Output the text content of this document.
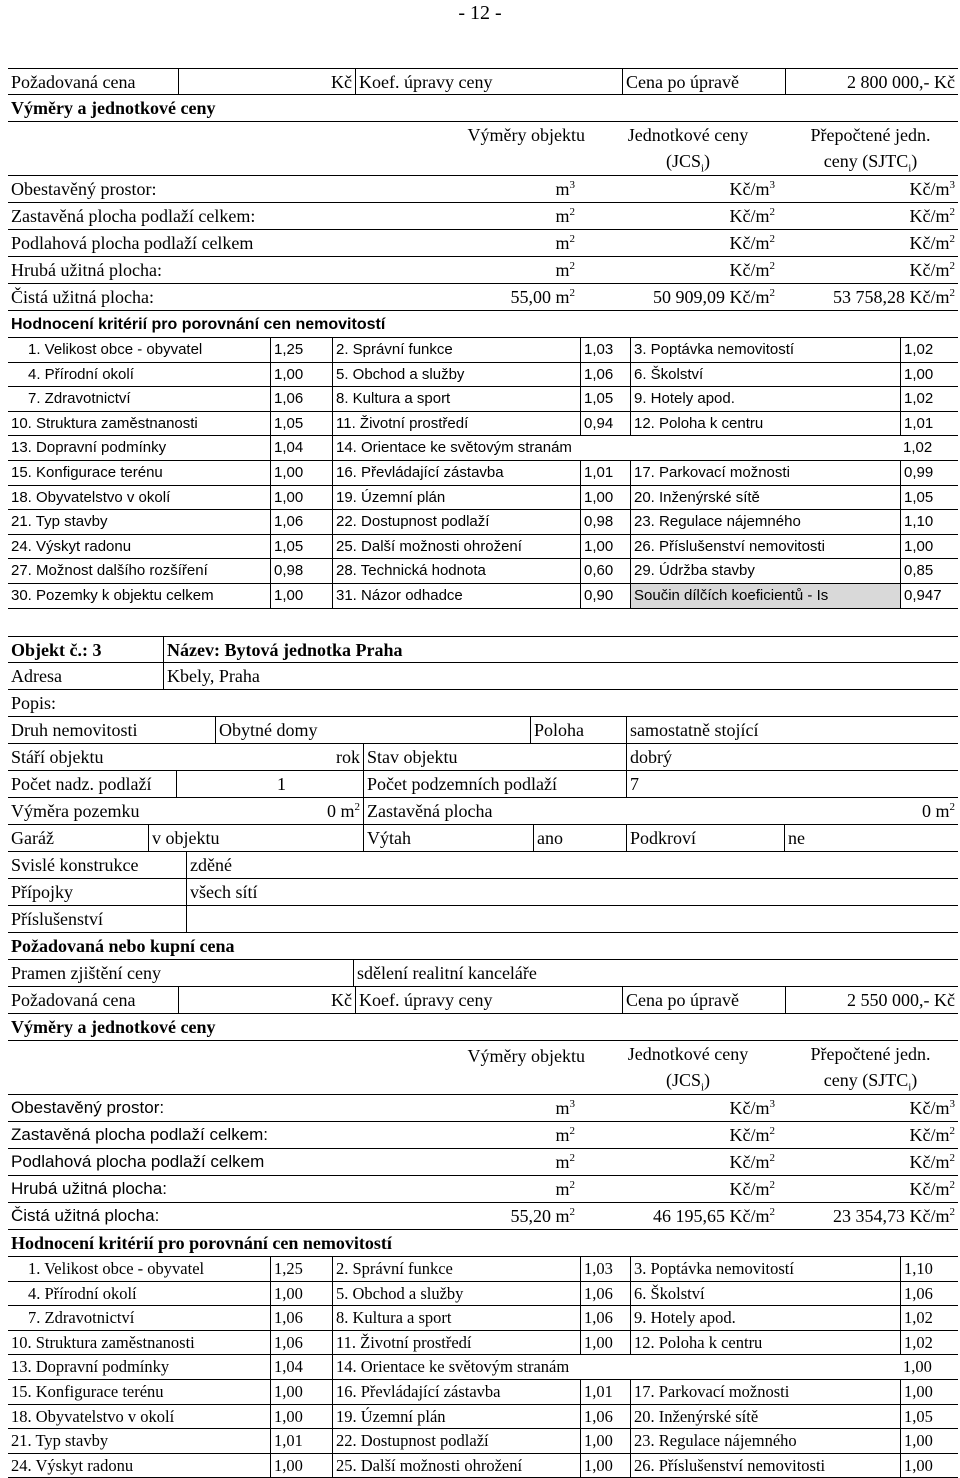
- 12 -
Požadovaná cena	Kč Koef. úpravy ceny	Cena po úpravě	2 800 000,- Kč
Výměry a jednotkové ceny
Výměry objektu	Jednotkové ceny
$(JCS_i)$
Přepočtené jedn.
ceny $(SJTC_i)$
Obestavěný prostor:	$m^3$	$Kč/m^3$	$Kč/m^3$
Zastavěná plocha podlaží celkem:	$m^2$	$Kč/m^2$	$Kč/m^2$
Podlahová plocha podlaží celkem	$m^2$	$Kč/m^2$	$Kč/m^2$
Hrubá užitná plocha:	$m^2$	$Kč/m^2$	$Kč/m^2$
Čistá užitná plocha:	55,00 $m^2$	50 909,09 $Kč/m^2$	53 758,28 $Kč/m^2$
Hodnocení kritérií pro porovnání cen nemovitostí
1. Velikost obce - obyvatel	1,25	2. Správní funkce	1,03	3. Poptávka nemovitostí	1,02
4. Přírodní okolí	1,00	5. Obchod a služby	1,06	6. Školství	1,00
7. Zdravotnictví	1,06	8. Kultura a sport	1,05	9. Hotely apod.	1,02
10. Struktura zaměstnanosti	1,05	11. Životní prostředí	0,94	12. Poloha k centru	1,01
13. Dopravní podmínky	1,04	14. Orientace ke světovým stranám	1,02
15. Konfigurace terénu	1,00	16. Převládající zástavba	1,01	17. Parkovací možnosti	0,99
18. Obyvatelstvo v okolí	1,00	19. Územní plán	1,00	20. Inženýrské sítě	1,05
21. Typ stavby	1,06	22. Dostupnost podlaží	0,98	23. Regulace nájemného	1,10
24. Výskyt radonu	1,05	25. Další možnosti ohrožení	1,00	26. Příslušenství nemovitosti	1,00
27. Možnost dalšího rozšíření	0,98	28. Technická hodnota	0,60	29. Údržba stavby	0,85
30. Pozemky k objektu celkem	1,00	31. Názor odhadce	0,90	Součin dílčích koeficientů - Is	0,947
Objekt č.: 3	Název: Bytová jednotka Praha
Adresa	Kbely, Praha
Popis:
Druh nemovitosti	Obytné domy	Poloha	samostatně stojící
Stáří objektu	rok Stav objektu	dobrý
Počet nadz. podlaží	1	Počet podzemních podlaží	7
Výměra pozemku	0 $m^2$ Zastavěná plocha	0 $m^2$
Garáž	v objektu	Výtah	ano	Podkroví	ne
Svislé konstrukce	zděné
Přípojky	všech sítí
Příslušenství
Požadovaná nebo kupní cena
Pramen zjištění ceny	sdělení realitní kanceláře
Požadovaná cena	Kč Koef. úpravy ceny	Cena po úpravě	2 550 000,- Kč
Výměry a jednotkové ceny
Výměry objektu	Jednotkové ceny
$(JCS_i)$
Přepočtené jedn.
ceny $(SJTC_i)$
Obestavěný prostor:	$m^3$	$Kč/m^3$	$Kč/m^3$
Zastavěná plocha podlaží celkem:	$m^2$	$Kč/m^2$	$Kč/m^2$
Podlahová plocha podlaží celkem	$m^2$	$Kč/m^2$	$Kč/m^2$
Hrubá užitná plocha:	$m^2$	$Kč/m^2$	$Kč/m^2$
Čistá užitná plocha:	55,20 $m^2$	46 195,65 $Kč/m^2$	23 354,73 $Kč/m^2$
Hodnocení kritérií pro porovnání cen nemovitostí
1. Velikost obce - obyvatel	1,25	2. Správní funkce	1,03	3. Poptávka nemovitostí	1,10
4. Přírodní okolí	1,00	5. Obchod a služby	1,06	6. Školství	1,06
7. Zdravotnictví	1,06	8. Kultura a sport	1,06	9. Hotely apod.	1,02
10. Struktura zaměstnanosti	1,06	11. Životní prostředí	1,00	12. Poloha k centru	1,02
13. Dopravní podmínky	1,04	14. Orientace ke světovým stranám	1,00
15. Konfigurace terénu	1,00	16. Převládající zástavba	1,01	17. Parkovací možnosti	1,00
18. Obyvatelstvo v okolí	1,00	19. Územní plán	1,06	20. Inženýrské sítě	1,05
21. Typ stavby	1,01	22. Dostupnost podlaží	1,00	23. Regulace nájemného	1,00
24. Výskyt radonu	1,00	25. Další možnosti ohrožení	1,00	26. Příslušenství nemovitosti	1,00
